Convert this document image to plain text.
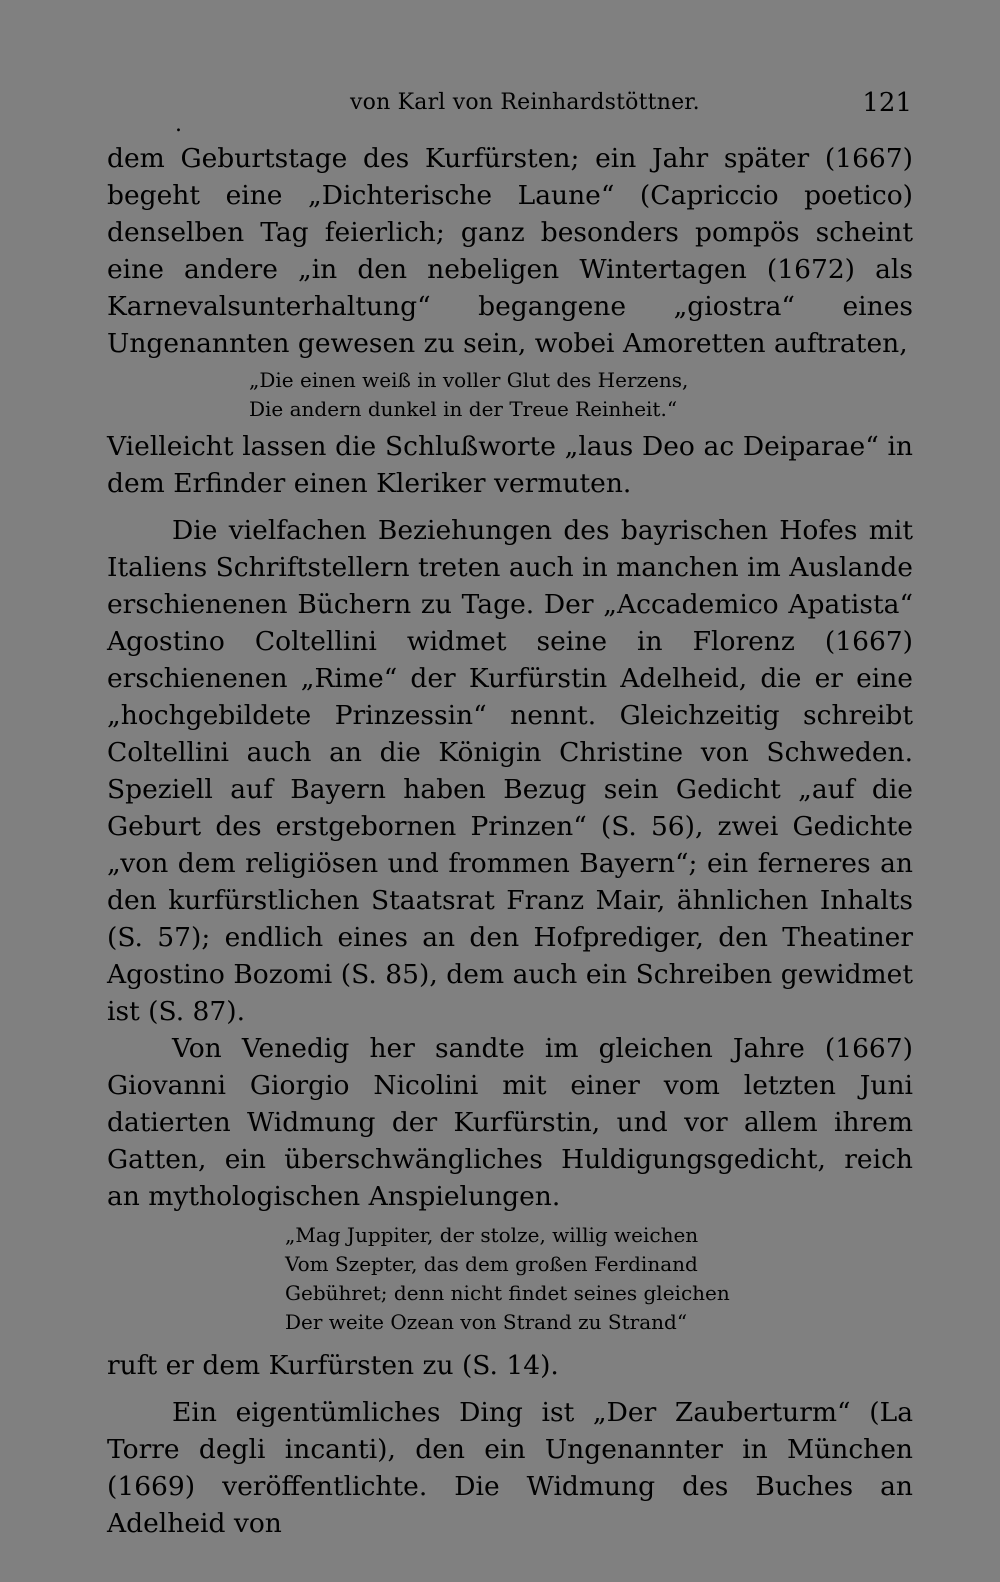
.
von Karl von Reinhardstöttner.	121

dem Geburtstage des Kurfürsten; ein Jahr später (1667) begeht eine „Dichterische Laune“ (Capriccio poetico) denselben Tag feierlich; ganz besonders pompös scheint eine andere „in den nebeligen Wintertagen (1672) als Karnevalsunterhaltung“ begangene „giostra“ eines Ungenannten gewesen zu sein, wobei Amoretten auftraten,

„Die einen weiß in voller Glut des Herzens,
Die andern dunkel in der Treue Reinheit.“

Vielleicht lassen die Schlußworte „laus Deo ac Deiparae“ in dem Erfinder einen Kleriker vermuten.

Die vielfachen Beziehungen des bayrischen Hofes mit Italiens Schriftstellern treten auch in manchen im Auslande erschienenen Büchern zu Tage. Der „Accademico Apatista“ Agostino Coltellini widmet seine in Florenz (1667) erschienenen „Rime“ der Kurfürstin Adelheid, die er eine „hochgebildete Prinzessin“ nennt. Gleichzeitig schreibt Coltellini auch an die Königin Christine von Schweden. Speziell auf Bayern haben Bezug sein Gedicht „auf die Geburt des erstgebornen Prinzen“ (S. 56), zwei Gedichte „von dem religiösen und frommen Bayern“; ein ferneres an den kurfürstlichen Staatsrat Franz Mair, ähnlichen Inhalts (S. 57); endlich eines an den Hofprediger, den Theatiner Agostino Bozomi (S. 85), dem auch ein Schreiben gewidmet ist (S. 87).

Von Venedig her sandte im gleichen Jahre (1667) Giovanni Giorgio Nicolini mit einer vom letzten Juni datierten Widmung der Kurfürstin, und vor allem ihrem Gatten, ein überschwängliches Huldigungsgedicht, reich an mythologischen Anspielungen.

„Mag Juppiter, der stolze, willig weichen
Vom Szepter, das dem großen Ferdinand
Gebühret; denn nicht findet seines gleichen
Der weite Ozean von Strand zu Strand“

ruft er dem Kurfürsten zu (S. 14).

Ein eigentümliches Ding ist „Der Zauberturm“ (La Torre degli incanti), den ein Ungenannter in München (1669) veröffentlichte. Die Widmung des Buches an Adelheid von
